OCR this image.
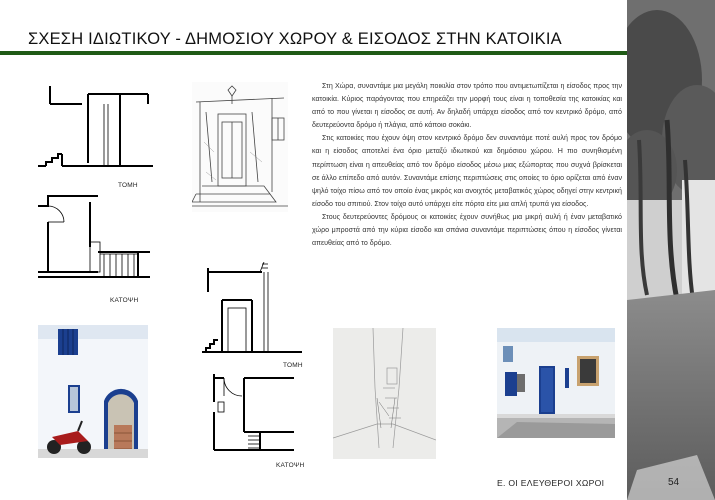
ΣΧΕΣΗ ΙΔΙΩΤΙΚΟΥ - ΔΗΜΟΣΙΟΥ ΧΩΡΟΥ & ΕΙΣΟΔΟΣ ΣΤΗΝ ΚΑΤΟΙΚΙΑ
ΤΟΜΗ
ΚΑΤΟΨΗ

Στη Χώρα, συναντάμε μια μεγάλη ποικιλία στον τρόπο που αντιμετωπίζεται η είσοδος προς την κατοικία. Κύριος παράγοντας που επηρεάζει την μορφή τους είναι η τοποθεσία της κατοικίας και από το που γίνεται η είσοδος σε αυτή. Αν δηλαδή υπάρχει είσοδος από τον κεντρικό δρόμο, από δευτερεύοντα δρόμο ή πλάγια, από κάποιο σοκάκι.

Στις κατοικίες που έχουν όψη στον κεντρικό δρόμο δεν συναντάμε ποτέ αυλή προς τον δρόμο και η είσοδος αποτελεί ένα όριο μεταξύ ιδιωτικού και δημόσιου χώρου. Η πιο συνηθισμένη περίπτωση είναι η απευθείας από τον δρόμο είσοδος μέσω μιας εξώπορτας που συχνά βρίσκεται σε άλλο επίπεδο από αυτόν. Συναντάμε επίσης περιπτώσεις στις οποίες το όριο ορίζεται από έναν ψηλό τοίχο πίσω από τον οποίο ένας μικρός και ανοιχτός μεταβατικός χώρος οδηγεί στην κεντρική είσοδο του σπιτιού. Στον τοίχο αυτό υπάρχει είτε πόρτα είτε μια απλή τρυπά για είσοδος.

Στους δευτερεύοντες δρόμους οι κατοικίες έχουν συνήθως μια μικρή αυλή ή έναν μεταβατικό χώρο μπροστά από την κύρια είσοδο και σπάνια συναντάμε περιπτώσεις όπου η είσοδος γίνεται απευθείας από το δρόμο.

ΤΟΜΗ
ΚΑΤΟΨΗ
Ε. ΟΙ ΕΛΕΥΘΕΡΟΙ ΧΩΡΟΙ	54
